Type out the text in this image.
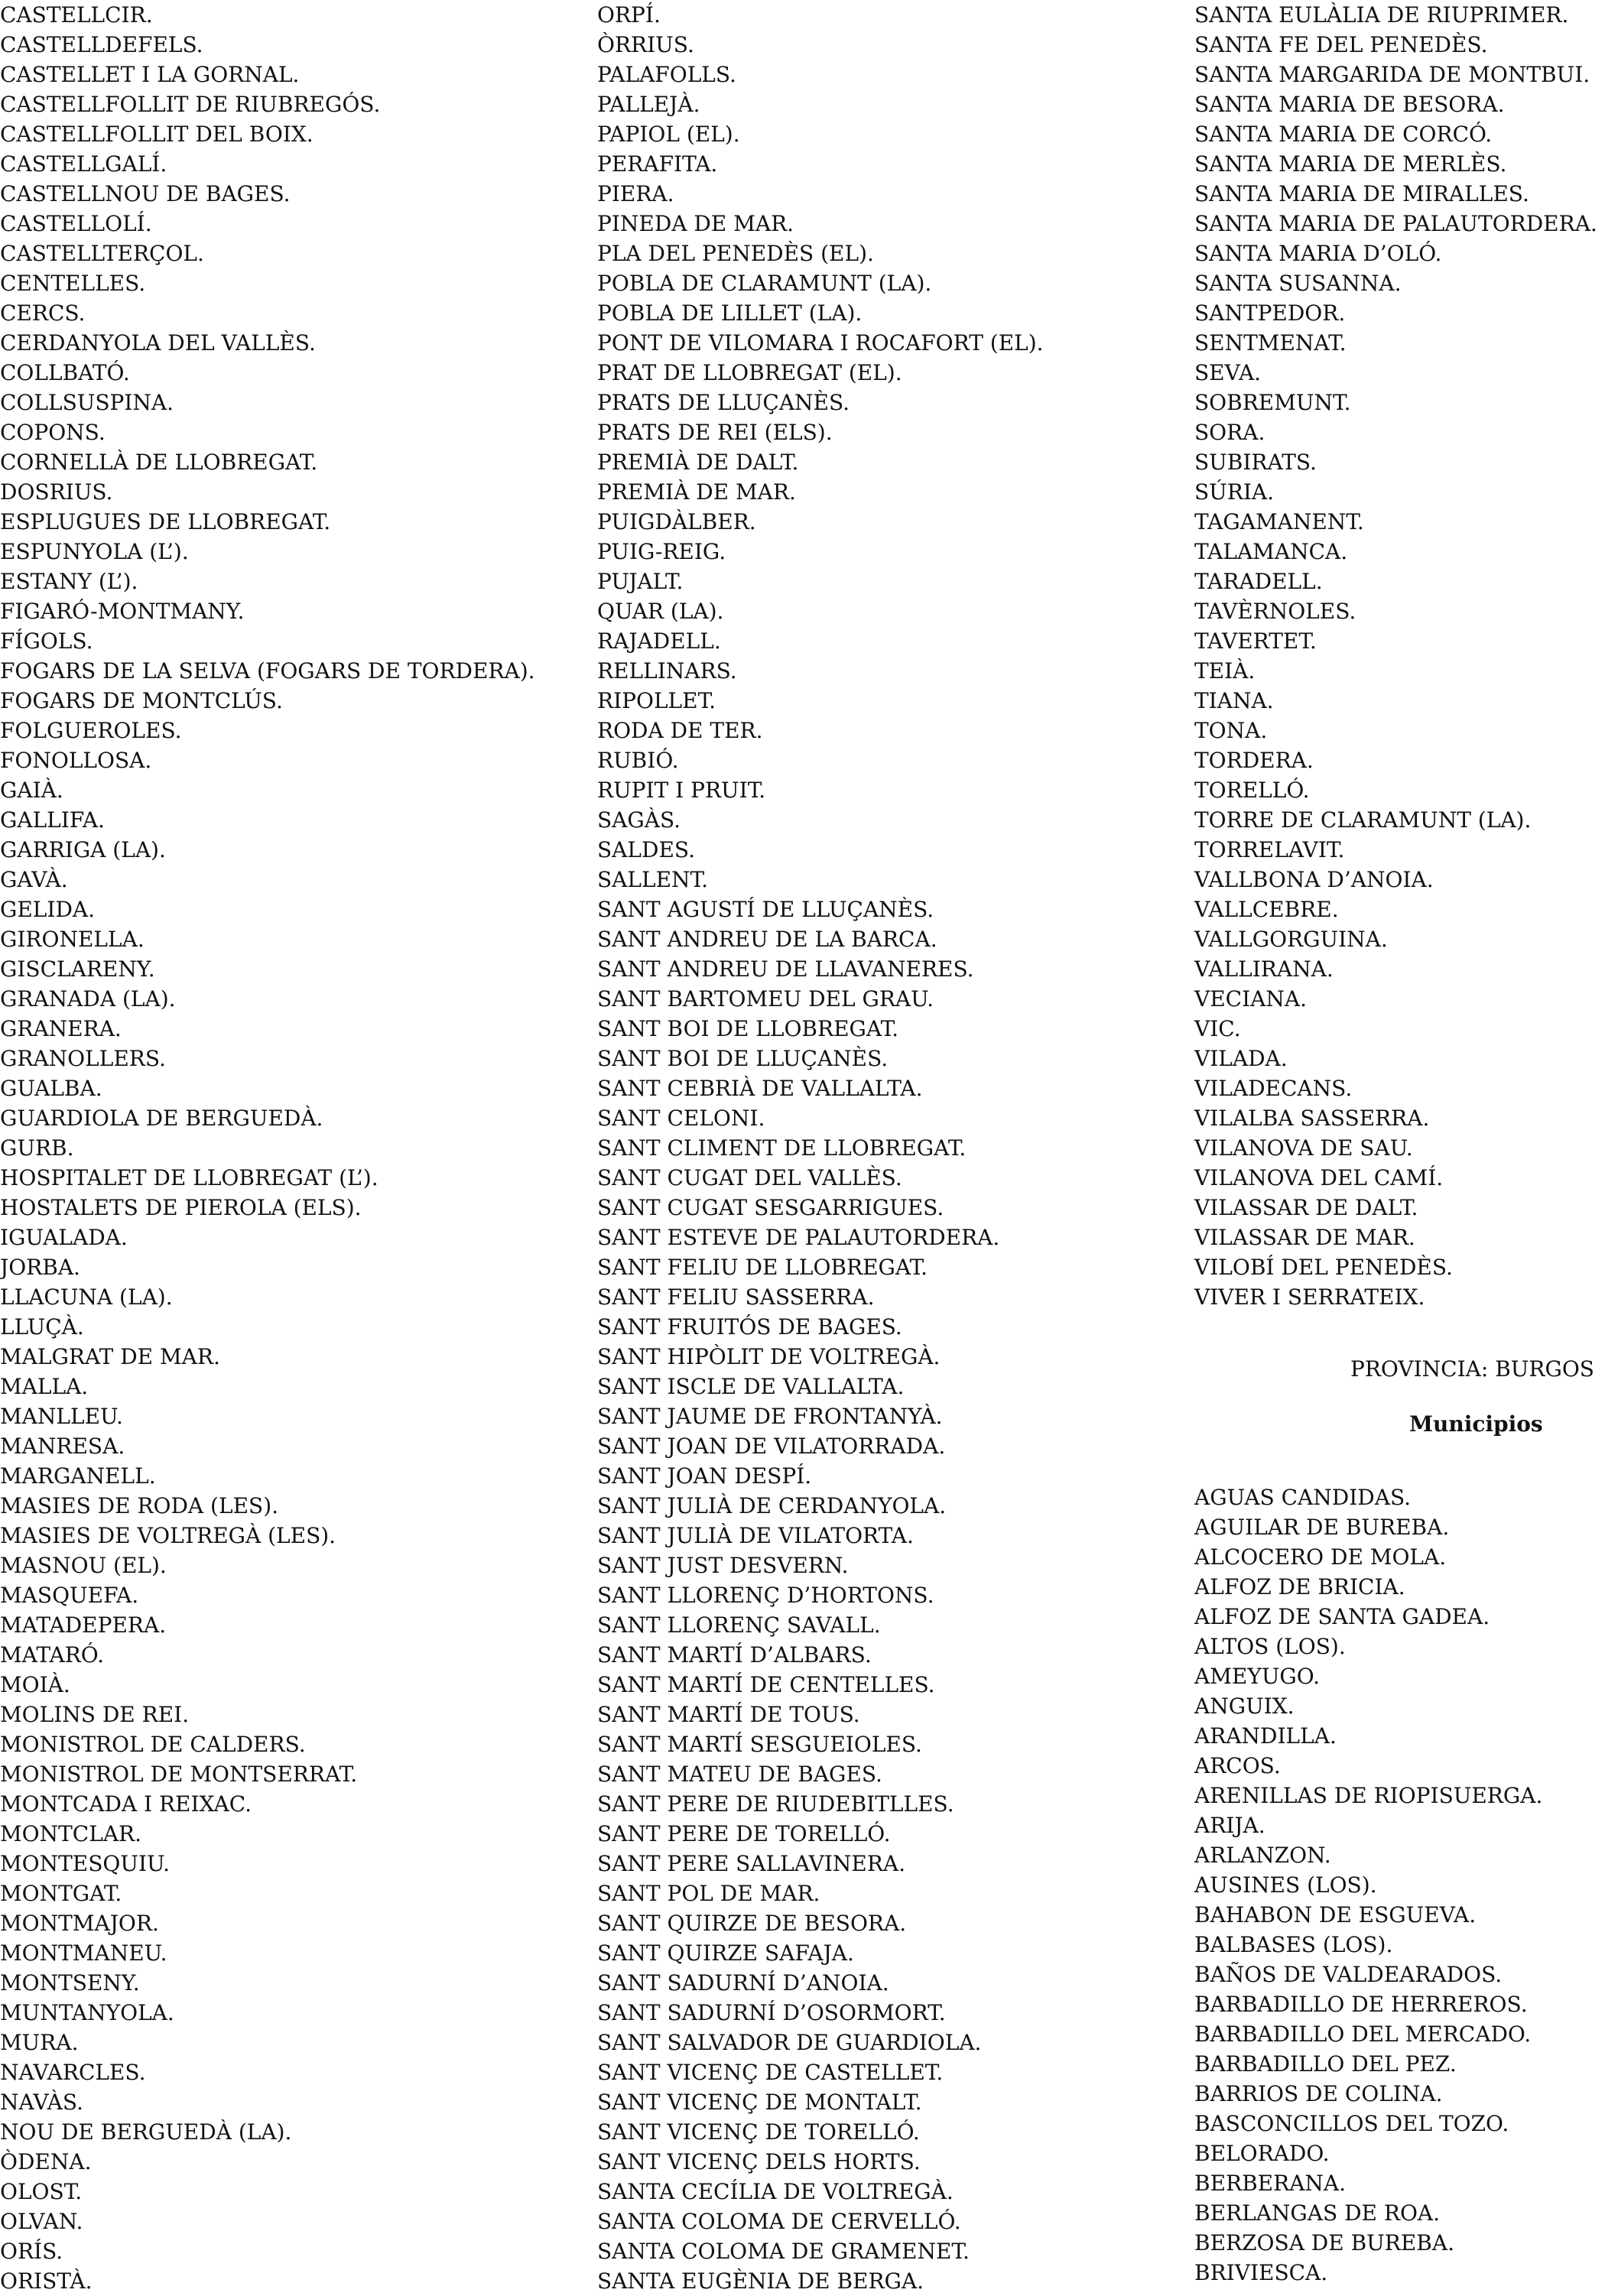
CASTELLCIR.
CASTELLDEFELS.
CASTELLET I LA GORNAL.
CASTELLFOLLIT DE RIUBREGÓS.
CASTELLFOLLIT DEL BOIX.
CASTELLGALÍ.
CASTELLNOU DE BAGES.
CASTELLOLÍ.
CASTELLTERÇOL.
CENTELLES.
CERCS.
CERDANYOLA DEL VALLÈS.
COLLBATÓ.
COLLSUSPINA.
COPONS.
CORNELLÀ DE LLOBREGAT.
DOSRIUS.
ESPLUGUES DE LLOBREGAT.
ESPUNYOLA (L’).
ESTANY (L’).
FIGARÓ-MONTMANY.
FÍGOLS.
FOGARS DE LA SELVA (FOGARS DE TORDERA).
FOGARS DE MONTCLÚS.
FOLGUEROLES.
FONOLLOSA.
GAIÀ.
GALLIFA.
GARRIGA (LA).
GAVÀ.
GELIDA.
GIRONELLA.
GISCLARENY.
GRANADA (LA).
GRANERA.
GRANOLLERS.
GUALBA.
GUARDIOLA DE BERGUEDÀ.
GURB.
HOSPITALET DE LLOBREGAT (L’).
HOSTALETS DE PIEROLA (ELS).
IGUALADA.
JORBA.
LLACUNA (LA).
LLUÇÀ.
MALGRAT DE MAR.
MALLA.
MANLLEU.
MANRESA.
MARGANELL.
MASIES DE RODA (LES).
MASIES DE VOLTREGÀ (LES).
MASNOU (EL).
MASQUEFA.
MATADEPERA.
MATARÓ.
MOIÀ.
MOLINS DE REI.
MONISTROL DE CALDERS.
MONISTROL DE MONTSERRAT.
MONTCADA I REIXAC.
MONTCLAR.
MONTESQUIU.
MONTGAT.
MONTMAJOR.
MONTMANEU.
MONTSENY.
MUNTANYOLA.
MURA.
NAVARCLES.
NAVÀS.
NOU DE BERGUEDÀ (LA).
ÒDENA.
OLOST.
OLVAN.
ORÍS.
ORISTÀ.
ORPÍ.
ÒRRIUS.
PALAFOLLS.
PALLEJÀ.
PAPIOL (EL).
PERAFITA.
PIERA.
PINEDA DE MAR.
PLA DEL PENEDÈS (EL).
POBLA DE CLARAMUNT (LA).
POBLA DE LILLET (LA).
PONT DE VILOMARA I ROCAFORT (EL).
PRAT DE LLOBREGAT (EL).
PRATS DE LLUÇANÈS.
PRATS DE REI (ELS).
PREMIÀ DE DALT.
PREMIÀ DE MAR.
PUIGDÀLBER.
PUIG-REIG.
PUJALT.
QUAR (LA).
RAJADELL.
RELLINARS.
RIPOLLET.
RODA DE TER.
RUBIÓ.
RUPIT I PRUIT.
SAGÀS.
SALDES.
SALLENT.
SANT AGUSTÍ DE LLUÇANÈS.
SANT ANDREU DE LA BARCA.
SANT ANDREU DE LLAVANERES.
SANT BARTOMEU DEL GRAU.
SANT BOI DE LLOBREGAT.
SANT BOI DE LLUÇANÈS.
SANT CEBRIÀ DE VALLALTA.
SANT CELONI.
SANT CLIMENT DE LLOBREGAT.
SANT CUGAT DEL VALLÈS.
SANT CUGAT SESGARRIGUES.
SANT ESTEVE DE PALAUTORDERA.
SANT FELIU DE LLOBREGAT.
SANT FELIU SASSERRA.
SANT FRUITÓS DE BAGES.
SANT HIPÒLIT DE VOLTREGÀ.
SANT ISCLE DE VALLALTA.
SANT JAUME DE FRONTANYÀ.
SANT JOAN DE VILATORRADA.
SANT JOAN DESPÍ.
SANT JULIÀ DE CERDANYOLA.
SANT JULIÀ DE VILATORTA.
SANT JUST DESVERN.
SANT LLORENÇ D’HORTONS.
SANT LLORENÇ SAVALL.
SANT MARTÍ D’ALBARS.
SANT MARTÍ DE CENTELLES.
SANT MARTÍ DE TOUS.
SANT MARTÍ SESGUEIOLES.
SANT MATEU DE BAGES.
SANT PERE DE RIUDEBITLLES.
SANT PERE DE TORELLÓ.
SANT PERE SALLAVINERA.
SANT POL DE MAR.
SANT QUIRZE DE BESORA.
SANT QUIRZE SAFAJA.
SANT SADURNÍ D’ANOIA.
SANT SADURNÍ D’OSORMORT.
SANT SALVADOR DE GUARDIOLA.
SANT VICENÇ DE CASTELLET.
SANT VICENÇ DE MONTALT.
SANT VICENÇ DE TORELLÓ.
SANT VICENÇ DELS HORTS.
SANTA CECÍLIA DE VOLTREGÀ.
SANTA COLOMA DE CERVELLÓ.
SANTA COLOMA DE GRAMENET.
SANTA EUGÈNIA DE BERGA.
SANTA EULÀLIA DE RIUPRIMER.
SANTA FE DEL PENEDÈS.
SANTA MARGARIDA DE MONTBUI.
SANTA MARIA DE BESORA.
SANTA MARIA DE CORCÓ.
SANTA MARIA DE MERLÈS.
SANTA MARIA DE MIRALLES.
SANTA MARIA DE PALAUTORDERA.
SANTA MARIA D’OLÓ.
SANTA SUSANNA.
SANTPEDOR.
SENTMENAT.
SEVA.
SOBREMUNT.
SORA.
SUBIRATS.
SÚRIA.
TAGAMANENT.
TALAMANCA.
TARADELL.
TAVÈRNOLES.
TAVERTET.
TEIÀ.
TIANA.
TONA.
TORDERA.
TORELLÓ.
TORRE DE CLARAMUNT (LA).
TORRELAVIT.
VALLBONA D’ANOIA.
VALLCEBRE.
VALLGORGUINA.
VALLIRANA.
VECIANA.
VIC.
VILADA.
VILADECANS.
VILALBA SASSERRA.
VILANOVA DE SAU.
VILANOVA DEL CAMÍ.
VILASSAR DE DALT.
VILASSAR DE MAR.
VILOBÍ DEL PENEDÈS.
VIVER I SERRATEIX.
PROVINCIA: BURGOS
Municipios
AGUAS CANDIDAS.
AGUILAR DE BUREBA.
ALCOCERO DE MOLA.
ALFOZ DE BRICIA.
ALFOZ DE SANTA GADEA.
ALTOS (LOS).
AMEYUGO.
ANGUIX.
ARANDILLA.
ARCOS.
ARENILLAS DE RIOPISUERGA.
ARIJA.
ARLANZON.
AUSINES (LOS).
BAHABON DE ESGUEVA.
BALBASES (LOS).
BAÑOS DE VALDEARADOS.
BARBADILLO DE HERREROS.
BARBADILLO DEL MERCADO.
BARBADILLO DEL PEZ.
BARRIOS DE COLINA.
BASCONCILLOS DEL TOZO.
BELORADO.
BERBERANA.
BERLANGAS DE ROA.
BERZOSA DE BUREBA.
BRIVIESCA.
